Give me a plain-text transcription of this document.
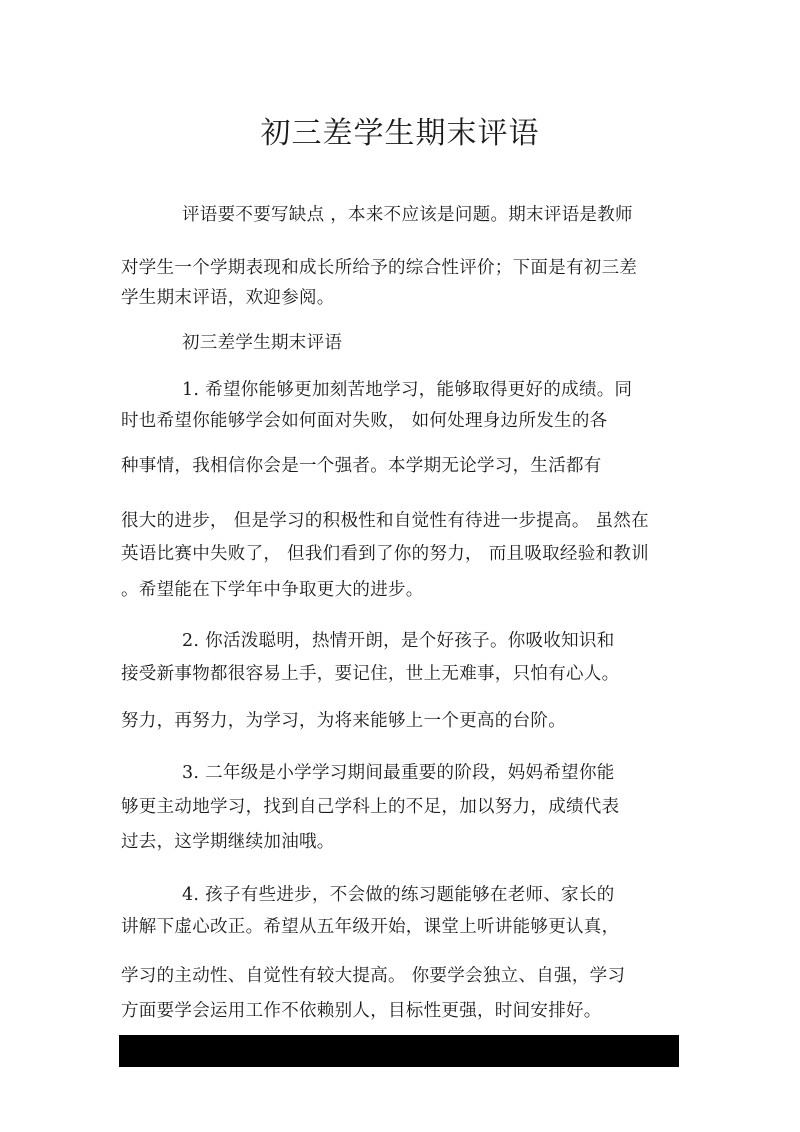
初三差学生期末评语
评语要不要写缺点 ，本来不应该是问题。期末评语是教师
对学生一个学期表现和成长所给予的综合性评价；下面是有初三差
学生期末评语，欢迎参阅。
初三差学生期末评语
1. 希望你能够更加刻苦地学习，能够取得更好的成绩。同
时也希望你能够学会如何面对失败， 如何处理身边所发生的各
种事情，我相信你会是一个强者。本学期无论学习，生活都有
很大的进步， 但是学习的积极性和自觉性有待进一步提高。 虽然在
英语比赛中失败了， 但我们看到了你的努力， 而且吸取经验和教训
。希望能在下学年中争取更大的进步。
2. 你活泼聪明，热情开朗，是个好孩子。你吸收知识和
接受新事物都很容易上手，要记住，世上无难事，只怕有心人。
努力，再努力，为学习，为将来能够上一个更高的台阶。
3. 二年级是小学学习期间最重要的阶段，妈妈希望你能
够更主动地学习，找到自己学科上的不足，加以努力，成绩代表
过去，这学期继续加油哦。
4. 孩子有些进步，不会做的练习题能够在老师、家长的
讲解下虚心改正。希望从五年级开始，课堂上听讲能够更认真，
学习的主动性、自觉性有较大提高。 你要学会独立、自强，学习
方面要学会运用工作不依赖别人，目标性更强，时间安排好。
